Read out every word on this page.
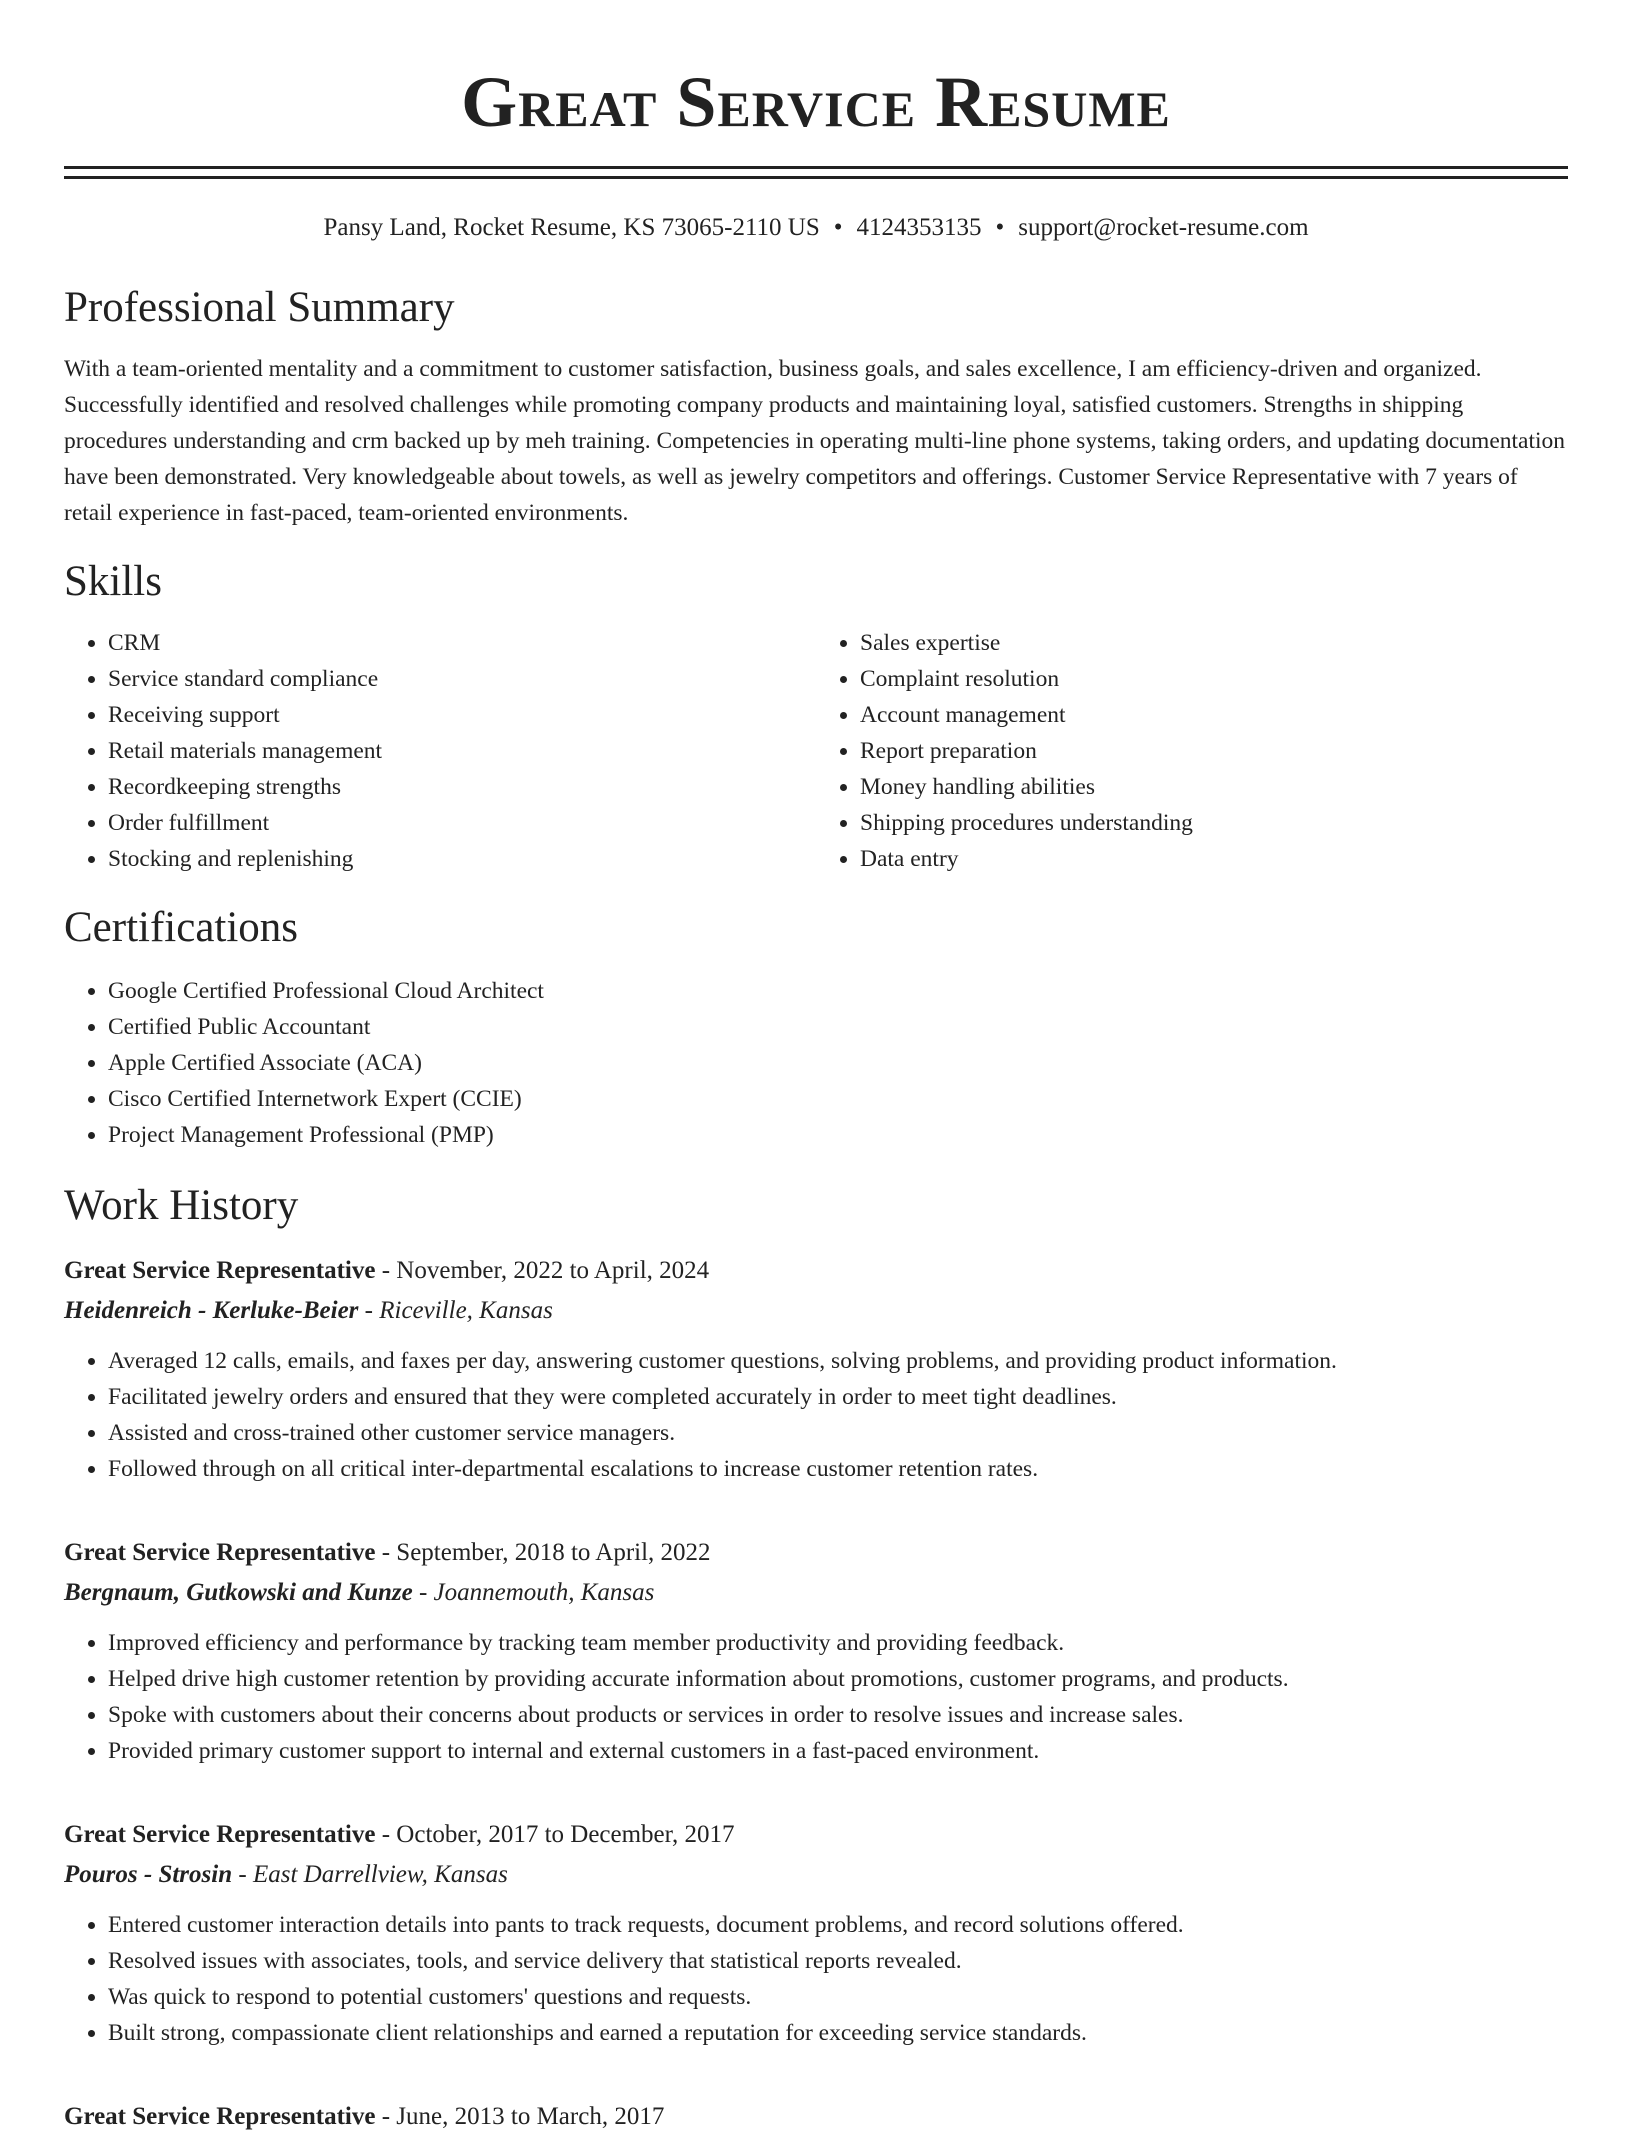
Great Service Resume
Pansy Land, Rocket Resume, KS 73065-2110 US • 4124353135 • support@rocket-resume.com
Professional Summary
With a team-oriented mentality and a commitment to customer satisfaction, business goals, and sales excellence, I am efficiency-driven and organized. Successfully identified and resolved challenges while promoting company products and maintaining loyal, satisfied customers. Strengths in shipping procedures understanding and crm backed up by meh training. Competencies in operating multi-line phone systems, taking orders, and updating documentation have been demonstrated. Very knowledgeable about towels, as well as jewelry competitors and offerings. Customer Service Representative with 7 years of retail experience in fast-paced, team-oriented environments.
Skills
• CRM
• Service standard compliance
• Receiving support
• Retail materials management
• Recordkeeping strengths
• Order fulfillment
• Stocking and replenishing
• Sales expertise
• Complaint resolution
• Account management
• Report preparation
• Money handling abilities
• Shipping procedures understanding
• Data entry
Certifications
• Google Certified Professional Cloud Architect
• Certified Public Accountant
• Apple Certified Associate (ACA)
• Cisco Certified Internetwork Expert (CCIE)
• Project Management Professional (PMP)
Work History
Great Service Representative - November, 2022 to April, 2024
Heidenreich - Kerluke-Beier - Riceville, Kansas
• Averaged 12 calls, emails, and faxes per day, answering customer questions, solving problems, and providing product information.
• Facilitated jewelry orders and ensured that they were completed accurately in order to meet tight deadlines.
• Assisted and cross-trained other customer service managers.
• Followed through on all critical inter-departmental escalations to increase customer retention rates.
Great Service Representative - September, 2018 to April, 2022
Bergnaum, Gutkowski and Kunze - Joannemouth, Kansas
• Improved efficiency and performance by tracking team member productivity and providing feedback.
• Helped drive high customer retention by providing accurate information about promotions, customer programs, and products.
• Spoke with customers about their concerns about products or services in order to resolve issues and increase sales.
• Provided primary customer support to internal and external customers in a fast-paced environment.
Great Service Representative - October, 2017 to December, 2017
Pouros - Strosin - East Darrellview, Kansas
• Entered customer interaction details into pants to track requests, document problems, and record solutions offered.
• Resolved issues with associates, tools, and service delivery that statistical reports revealed.
• Was quick to respond to potential customers' questions and requests.
• Built strong, compassionate client relationships and earned a reputation for exceeding service standards.
Great Service Representative - June, 2013 to March, 2017
